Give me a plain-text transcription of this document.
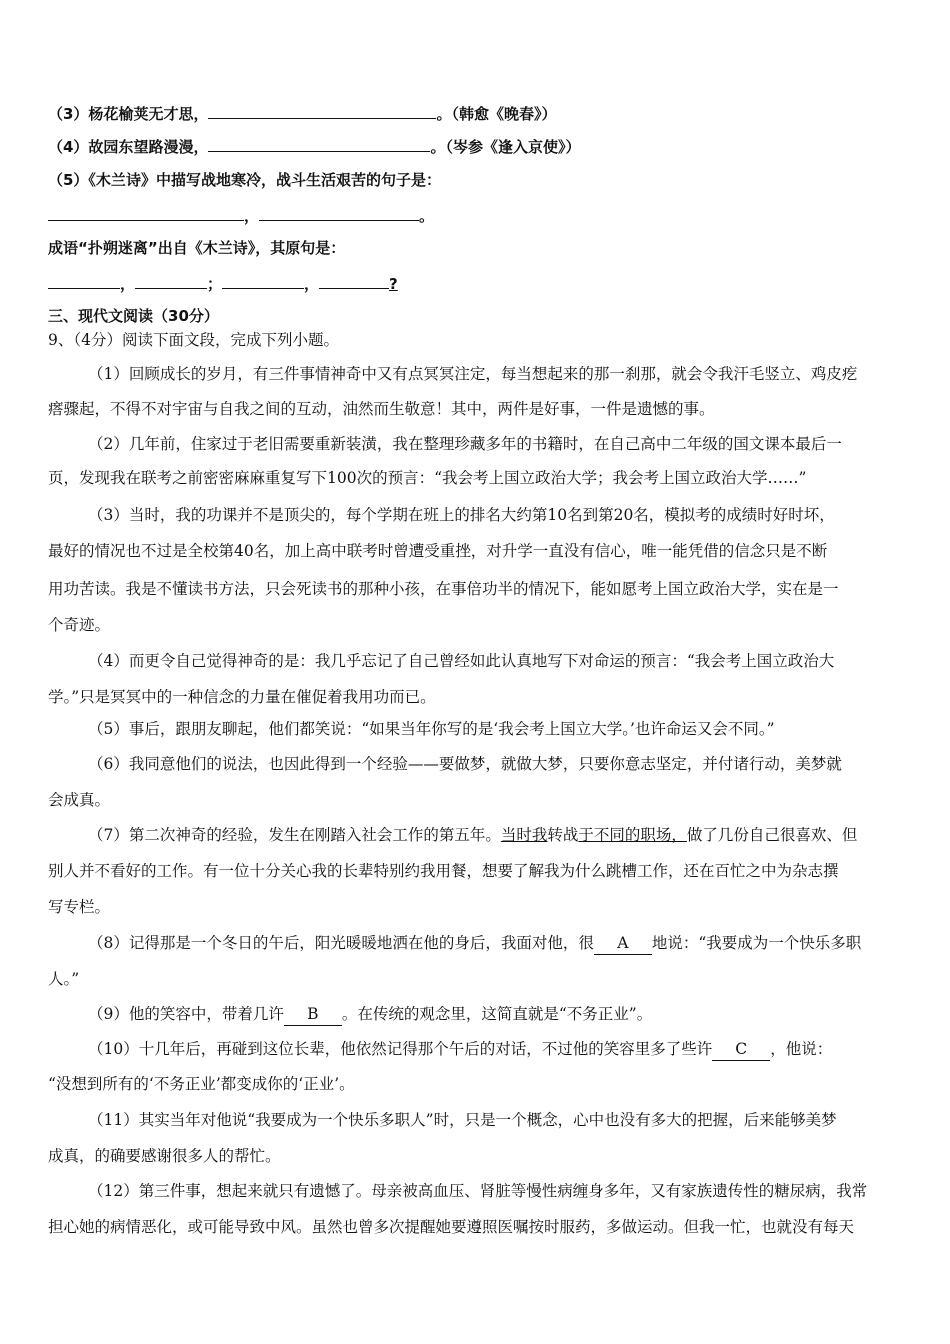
（3）杨花榆荚无才思，	。（韩愈《晚春》）
（4）故园东望路漫漫，	。（岑参《逢入京使》）
（5）《木兰诗》中描写战地寒冷，战斗生活艰苦的句子是：
，	。
成语“扑朔迷离”出自《木兰诗》，其原句是：
，	；	，	?
三、现代文阅读（30分）
9、（4分）阅读下面文段，完成下列小题。
（1）回顾成长的岁月，有三件事情神奇中又有点冥冥注定，每当想起来的那一刹那，就会令我汗毛竖立、鸡皮疙
瘩骤起，不得不对宇宙与自我之间的互动，油然而生敬意！其中，两件是好事，一件是遗憾的事。
（2）几年前，住家过于老旧需要重新装潢，我在整理珍藏多年的书籍时，在自己高中二年级的国文课本最后一
页，发现我在联考之前密密麻麻重复写下100次的预言：“我会考上国立政治大学；我会考上国立政治大学……”
（3）当时，我的功课并不是顶尖的，每个学期在班上的排名大约第10名到第20名，模拟考的成绩时好时坏，
最好的情况也不过是全校第40名，加上高中联考时曾遭受重挫，对升学一直没有信心，唯一能凭借的信念只是不断
用功苦读。我是不懂读书方法，只会死读书的那种小孩，在事倍功半的情况下，能如愿考上国立政治大学，实在是一
个奇迹。
（4）而更令自己觉得神奇的是：我几乎忘记了自己曾经如此认真地写下对命运的预言：“我会考上国立政治大
学。”只是冥冥中的一种信念的力量在催促着我用功而已。
（5）事后，跟朋友聊起，他们都笑说：“如果当年你写的是‘我会考上国立大学。’也许命运又会不同。”
（6）我同意他们的说法，也因此得到一个经验——要做梦，就做大梦，只要你意志坚定，并付诸行动，美梦就
会成真。
（7）第二次神奇的经验，发生在刚踏入社会工作的第五年。当时我转战于不同的职场，做了几份自己很喜欢、但
别人并不看好的工作。有一位十分关心我的长辈特别约我用餐，想要了解我为什么跳槽工作，还在百忙之中为杂志撰
写专栏。
（8）记得那是一个冬日的午后，阳光暖暖地洒在他的身后，我面对他，很 A 地说：“我要成为一个快乐多职
人。”
（9）他的笑容中，带着几许 B 。在传统的观念里，这简直就是“不务正业”。
（10）十几年后，再碰到这位长辈，他依然记得那个午后的对话，不过他的笑容里多了些许 C ，他说：
“没想到所有的‘不务正业’都变成你的‘正业’。
（11）其实当年对他说“我要成为一个快乐多职人”时，只是一个概念，心中也没有多大的把握，后来能够美梦
成真，的确要感谢很多人的帮忙。
（12）第三件事，想起来就只有遗憾了。母亲被高血压、肾脏等慢性病缠身多年，又有家族遗传性的糖尿病，我常
担心她的病情恶化，或可能导致中风。虽然也曾多次提醒她要遵照医嘱按时服药，多做运动。但我一忙，也就没有每天
